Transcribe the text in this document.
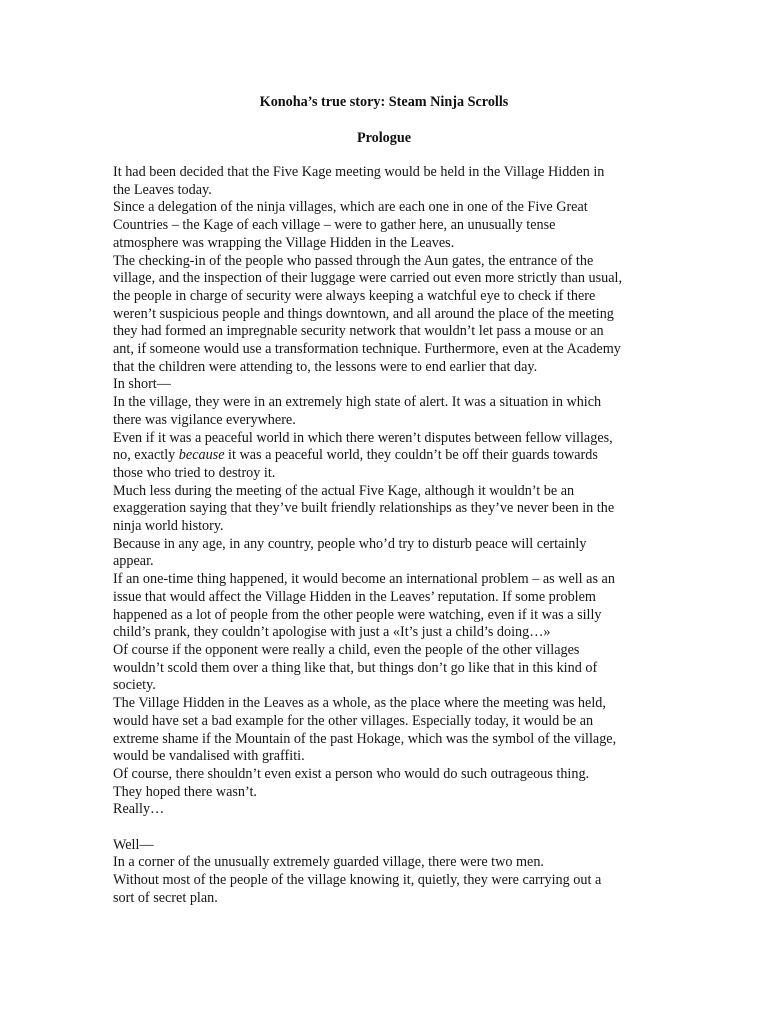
Konoha’s true story: Steam Ninja Scrolls
Prologue

It had been decided that the Five Kage meeting would be held in the Village Hidden in
the Leaves today.

Since a delegation of the ninja villages, which are each one in one of the Five Great
Countries – the Kage of each village – were to gather here, an unusually tense
atmosphere was wrapping the Village Hidden in the Leaves.

The checking-in of the people who passed through the Aun gates, the entrance of the
village, and the inspection of their luggage were carried out even more strictly than usual,
the people in charge of security were always keeping a watchful eye to check if there
weren’t suspicious people and things downtown, and all around the place of the meeting
they had formed an impregnable security network that wouldn’t let pass a mouse or an
ant, if someone would use a transformation technique. Furthermore, even at the Academy
that the children were attending to, the lessons were to end earlier that day.

In short—

In the village, they were in an extremely high state of alert. It was a situation in which
there was vigilance everywhere.

Even if it was a peaceful world in which there weren’t disputes between fellow villages,
no, exactly because it was a peaceful world, they couldn’t be off their guards towards
those who tried to destroy it.

Much less during the meeting of the actual Five Kage, although it wouldn’t be an
exaggeration saying that they’ve built friendly relationships as they’ve never been in the
ninja world history.

Because in any age, in any country, people who’d try to disturb peace will certainly
appear.

If an one-time thing happened, it would become an international problem – as well as an
issue that would affect the Village Hidden in the Leaves’ reputation. If some problem
happened as a lot of people from the other people were watching, even if it was a silly
child’s prank, they couldn’t apologise with just a «It’s just a child’s doing…»

Of course if the opponent were really a child, even the people of the other villages
wouldn’t scold them over a thing like that, but things don’t go like that in this kind of
society.

The Village Hidden in the Leaves as a whole, as the place where the meeting was held,
would have set a bad example for the other villages. Especially today, it would be an
extreme shame if the Mountain of the past Hokage, which was the symbol of the village,
would be vandalised with graffiti.

Of course, there shouldn’t even exist a person who would do such outrageous thing.

They hoped there wasn’t.

Really…

Well—

In a corner of the unusually extremely guarded village, there were two men.

Without most of the people of the village knowing it, quietly, they were carrying out a
sort of secret plan.
